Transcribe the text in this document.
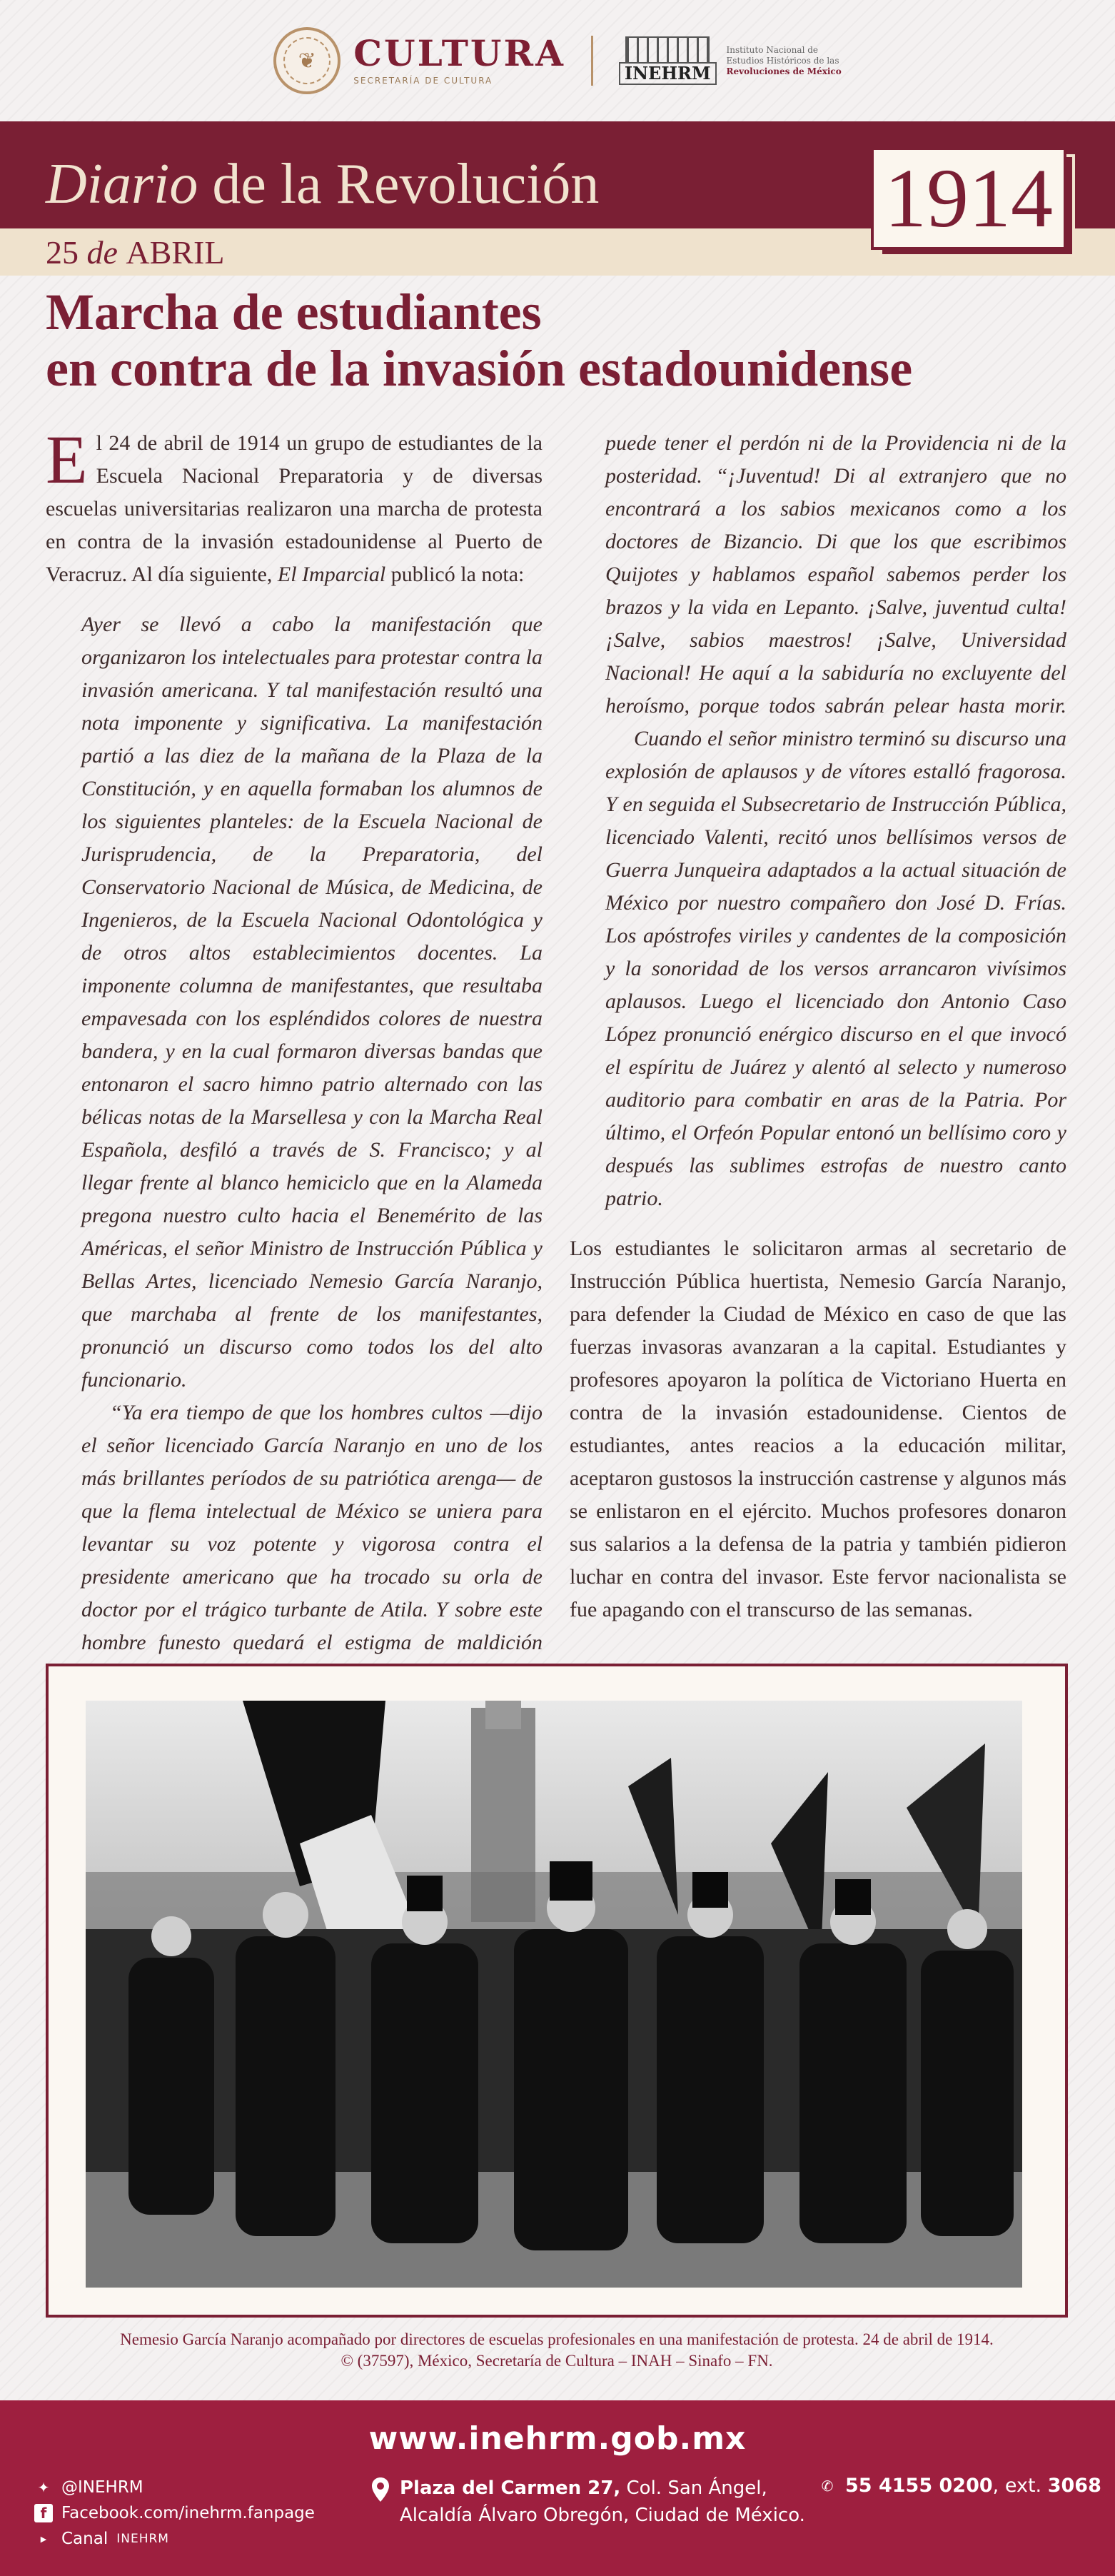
❦	CULTURA
SECRETARÍA DE CULTURA	INEHRM
Instituto Nacional de
Estudios Históricos de las
Revoluciones de México
Diario de la Revolución
25 de ABRIL
1914
Marcha de estudiantes
en contra de la invasión estadounidense

El 24 de abril de 1914 un grupo de estudiantes de la Escuela Nacional Preparatoria y de diversas escuelas universitarias realizaron una marcha de protesta en contra de la invasión estadounidense al Puerto de Veracruz. Al día siguiente, El Imparcial publicó la nota:

Ayer se llevó a cabo la manifestación que organizaron los intelectuales para protestar contra la invasión americana. Y tal manifestación resultó una nota imponente y significativa. La manifestación partió a las diez de la mañana de la Plaza de la Constitución, y en aquella formaban los alumnos de los siguientes planteles: de la Escuela Nacional de Jurisprudencia, de la Preparatoria, del Conservatorio Nacional de Música, de Medicina, de Ingenieros, de la Escuela Nacional Odontológica y de otros altos establecimientos docentes. La imponente columna de manifestantes, que resultaba empavesada con los espléndidos colores de nuestra bandera, y en la cual formaron diversas bandas que entonaron el sacro himno patrio alternado con las bélicas notas de la Marsellesa y con la Marcha Real Española, desfiló a través de S. Francisco; y al llegar frente al blanco hemiciclo que en la Alameda pregona nuestro culto hacia el Benemérito de las Américas, el señor Ministro de Instrucción Pública y Bellas Artes, licenciado Nemesio García Naranjo, que marchaba al frente de los manifestantes, pronunció un discurso como todos los del alto funcionario.

“Ya era tiempo de que los hombres cultos —dijo el señor licenciado García Naranjo en uno de los más brillantes períodos de su patriótica arenga— de que la flema intelectual de México se uniera para levantar su voz potente y vigorosa contra el presidente americano que ha trocado su orla de doctor por el trágico turbante de Atila. Y sobre este hombre funesto quedará el estigma de maldición

puede tener el perdón ni de la Providencia ni de la posteridad. “¡Juventud! Di al extranjero que no encontrará a los sabios mexicanos como a los doctores de Bizancio. Di que los que escribimos Quijotes y hablamos español sabemos perder los brazos y la vida en Lepanto. ¡Salve, juventud culta! ¡Salve, sabios maestros! ¡Salve, Universidad Nacional! He aquí a la sabiduría no excluyente del heroísmo, porque todos sabrán pelear hasta morir.

Cuando el señor ministro terminó su discurso una explosión de aplausos y de vítores estalló fragorosa. Y en seguida el Subsecretario de Instrucción Pública, licenciado Valenti, recitó unos bellísimos versos de Guerra Junqueira adaptados a la actual situación de México por nuestro compañero don José D. Frías. Los apóstrofes viriles y candentes de la composición y la sonoridad de los versos arrancaron vivísimos aplausos. Luego el licenciado don Antonio Caso López pronunció enérgico discurso en el que invocó el espíritu de Juárez y alentó al selecto y numeroso auditorio para combatir en aras de la Patria. Por último, el Orfeón Popular entonó un bellísimo coro y después las sublimes estrofas de nuestro canto patrio.

Los estudiantes le solicitaron armas al secretario de Instrucción Pública huertista, Nemesio García Naranjo, para defender la Ciudad de México en caso de que las fuerzas invasoras avanzaran a la capital. Estudiantes y profesores apoyaron la política de Victoriano Huerta en contra de la invasión estadounidense. Cientos de estudiantes, antes reacios a la educación militar, aceptaron gustosos la instrucción castrense y algunos más se enlistaron en el ejército. Muchos profesores donaron sus salarios a la defensa de la patria y también pidieron luchar en contra del invasor. Este fervor nacionalista se fue apagando con el transcurso de las semanas.

Nemesio García Naranjo acompañado por directores de escuelas profesionales en una manifestación de protesta. 24 de abril de 1914.
© (37597), México, Secretaría de Cultura – INAH – Sinafo – FN.
www.inehrm.gob.mx
✦ @INEHRM
f Facebook.com/inehrm.fanpage
▶ Canal INEHRM
Plaza del Carmen 27, Col. San Ángel,
Alcaldía Álvaro Obregón, Ciudad de México.
✆ 55 4155 0200, ext. 3068
